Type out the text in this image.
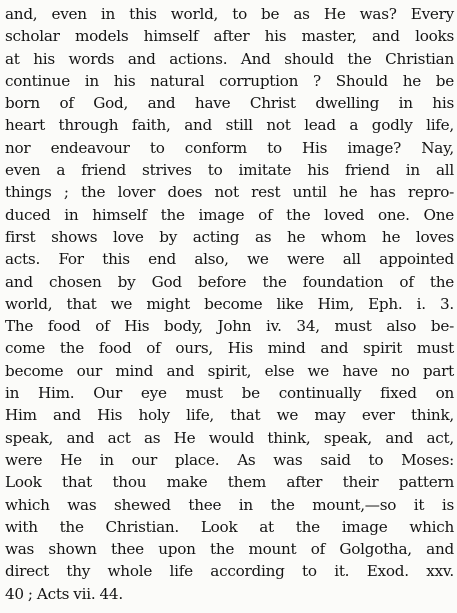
and, even in this world, to be as He was? Every
scholar models himself after his master, and looks
at his words and actions. And should the Christian
continue in his natural corruption ? Should he be
born of God, and have Christ dwelling in his
heart through faith, and still not lead a godly life,
nor endeavour to conform to His image? Nay,
even a friend strives to imitate his friend in all
things ; the lover does not rest until he has repro-
duced in himself the image of the loved one. One
first shows love by acting as he whom he loves
acts. For this end also, we were all appointed
and chosen by God before the foundation of the
world, that we might become like Him, Eph. i. 3.
The food of His body, John iv. 34, must also be-
come the food of ours, His mind and spirit must
become our mind and spirit, else we have no part
in Him. Our eye must be continually fixed on
Him and His holy life, that we may ever think,
speak, and act as He would think, speak, and act,
were He in our place. As was said to Moses:
Look that thou make them after their pattern
which was shewed thee in the mount,—so it is
with the Christian. Look at the image which
was shown thee upon the mount of Golgotha, and
direct thy whole life according to it. Exod. xxv.
40 ; Acts vii. 44.
